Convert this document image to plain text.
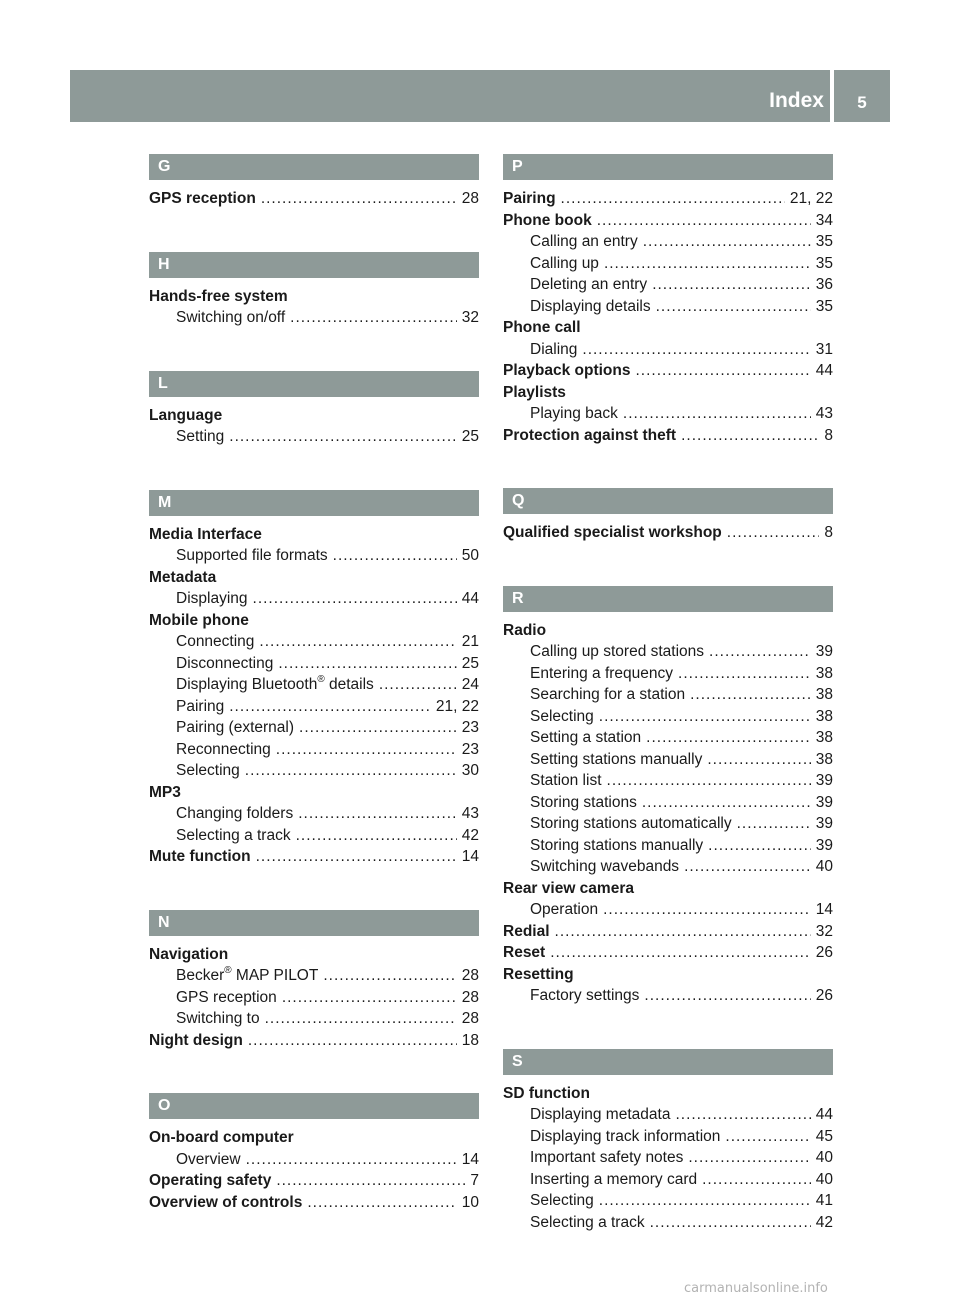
Index	5
G
GPS reception .....	28
H
Hands-free system
Switching on/off .....	32
L
Language
Setting .....	25
M
Media Interface
Supported file formats .....	50
Metadata
Displaying .....	44
Mobile phone
Connecting .....	21
Disconnecting .....	25
Displaying Bluetooth® details .....	24
Pairing .....	21, 22
Pairing (external) .....	23
Reconnecting .....	23
Selecting .....	30
MP3
Changing folders .....	43
Selecting a track .....	42
Mute function .....	14
N
Navigation
Becker® MAP PILOT .....	28
GPS reception .....	28
Switching to .....	28
Night design .....	18
O
On-board computer
Overview .....	14
Operating safety .....	7
Overview of controls .....	10
P
Pairing .....	21, 22
Phone book .....	34
Calling an entry .....	35
Calling up .....	35
Deleting an entry .....	36
Displaying details .....	35
Phone call
Dialing .....	31
Playback options .....	44
Playlists
Playing back .....	43
Protection against theft .....	8
Q
Qualified specialist workshop .....	8
R
Radio
Calling up stored stations .....	39
Entering a frequency .....	38
Searching for a station .....	38
Selecting .....	38
Setting a station .....	38
Setting stations manually .....	38
Station list .....	39
Storing stations .....	39
Storing stations automatically .....	39
Storing stations manually .....	39
Switching wavebands .....	40
Rear view camera
Operation .....	14
Redial .....	32
Reset .....	26
Resetting
Factory settings .....	26
S
SD function
Displaying metadata .....	44
Displaying track information .....	45
Important safety notes .....	40
Inserting a memory card .....	40
Selecting .....	41
Selecting a track .....	42
carmanualsonline.info
